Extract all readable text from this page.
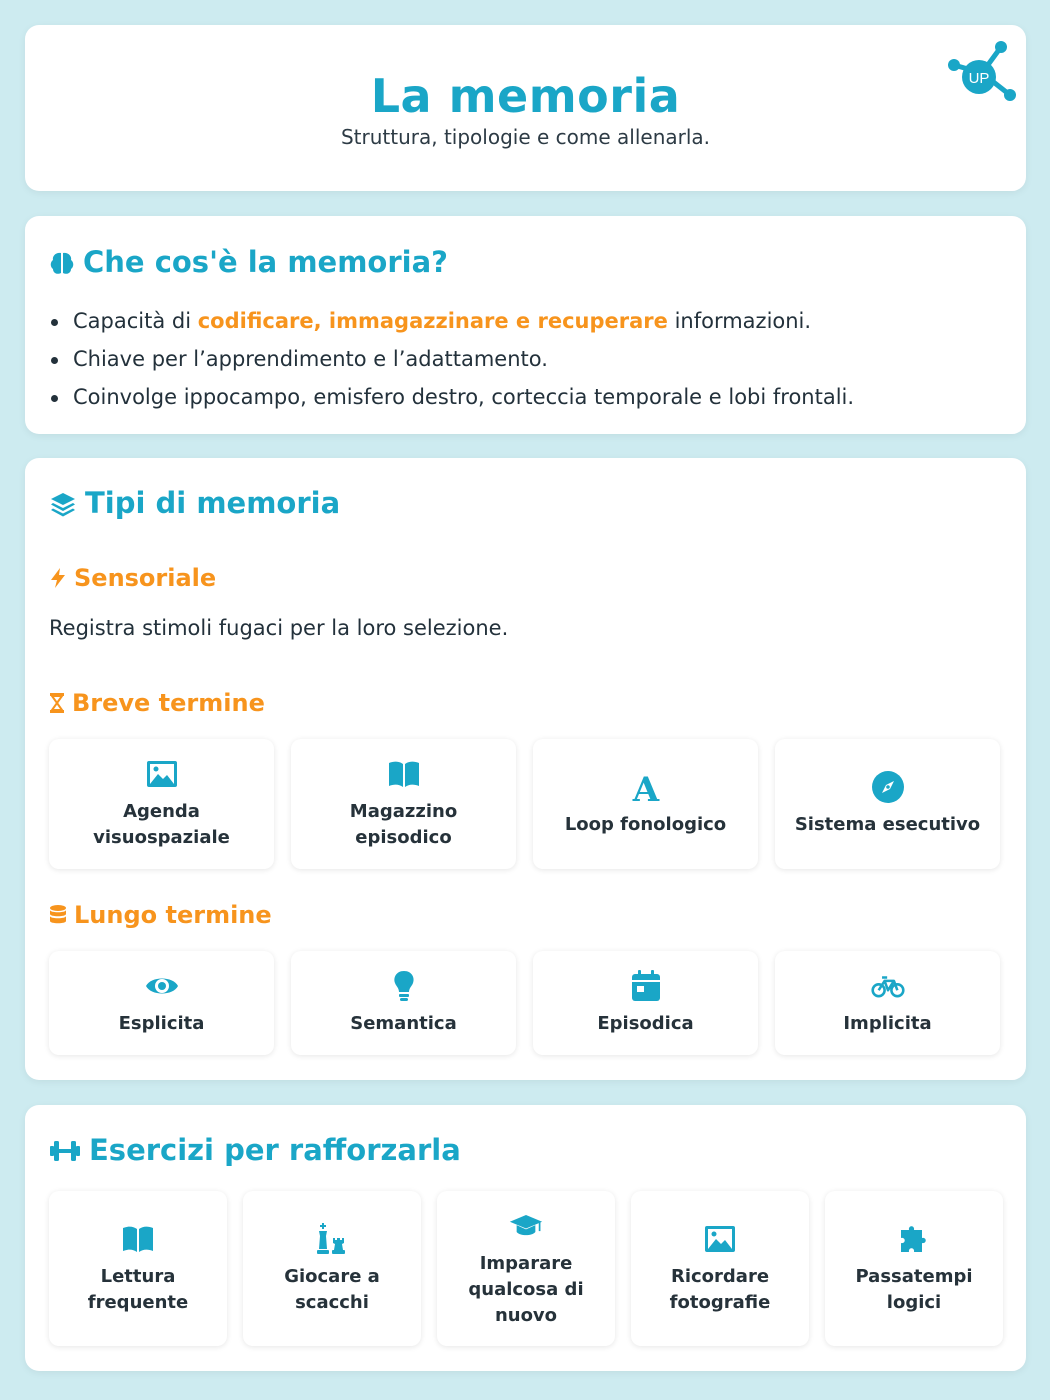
La memoria

Struttura, tipologie e come allenarla.

UP
Che cos'è la memoria?
Capacità di codificare, immagazzinare e recuperare informazioni.
Chiave per l’apprendimento e l’adattamento.
Coinvolge ippocampo, emisfero destro, corteccia temporale e lobi frontali.
Tipi di memoria
Sensoriale

Registra stimoli fugaci per la loro selezione.

Breve termine
Agenda visuospaziale
Magazzino episodico
A
Loop fonologico	Sistema esecutivo
Lungo termine
Esplicita	Semantica	Episodica	Implicita
Esercizi per rafforzarla
Lettura frequente
Giocare a scacchi
Imparare qualcosa di nuovo
Ricordare fotografie
Passatempi logici
